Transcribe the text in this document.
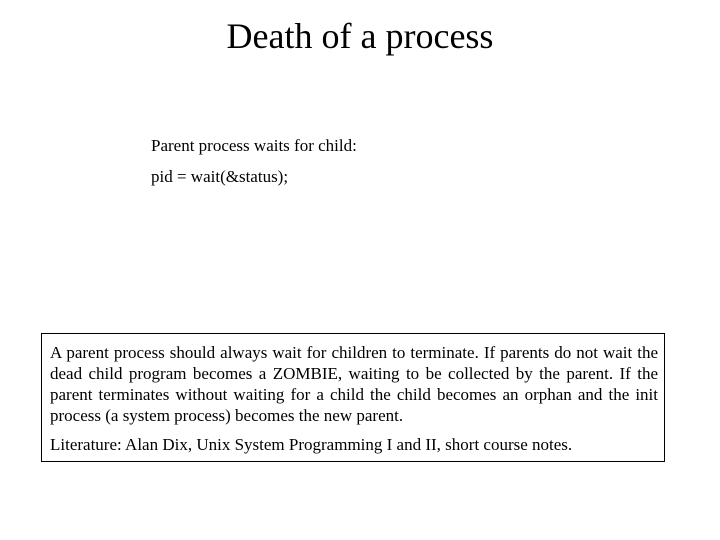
Death of a process
Parent process waits for child:
pid = wait(&status);

A parent process should always wait for children to terminate. If parents do not wait the dead child program becomes a ZOMBIE, waiting to be collected by the parent. If the parent terminates without waiting for a child the child becomes an orphan and the init process (a system process) becomes the new parent.

Literature: Alan Dix, Unix System Programming I and II, short course notes.
